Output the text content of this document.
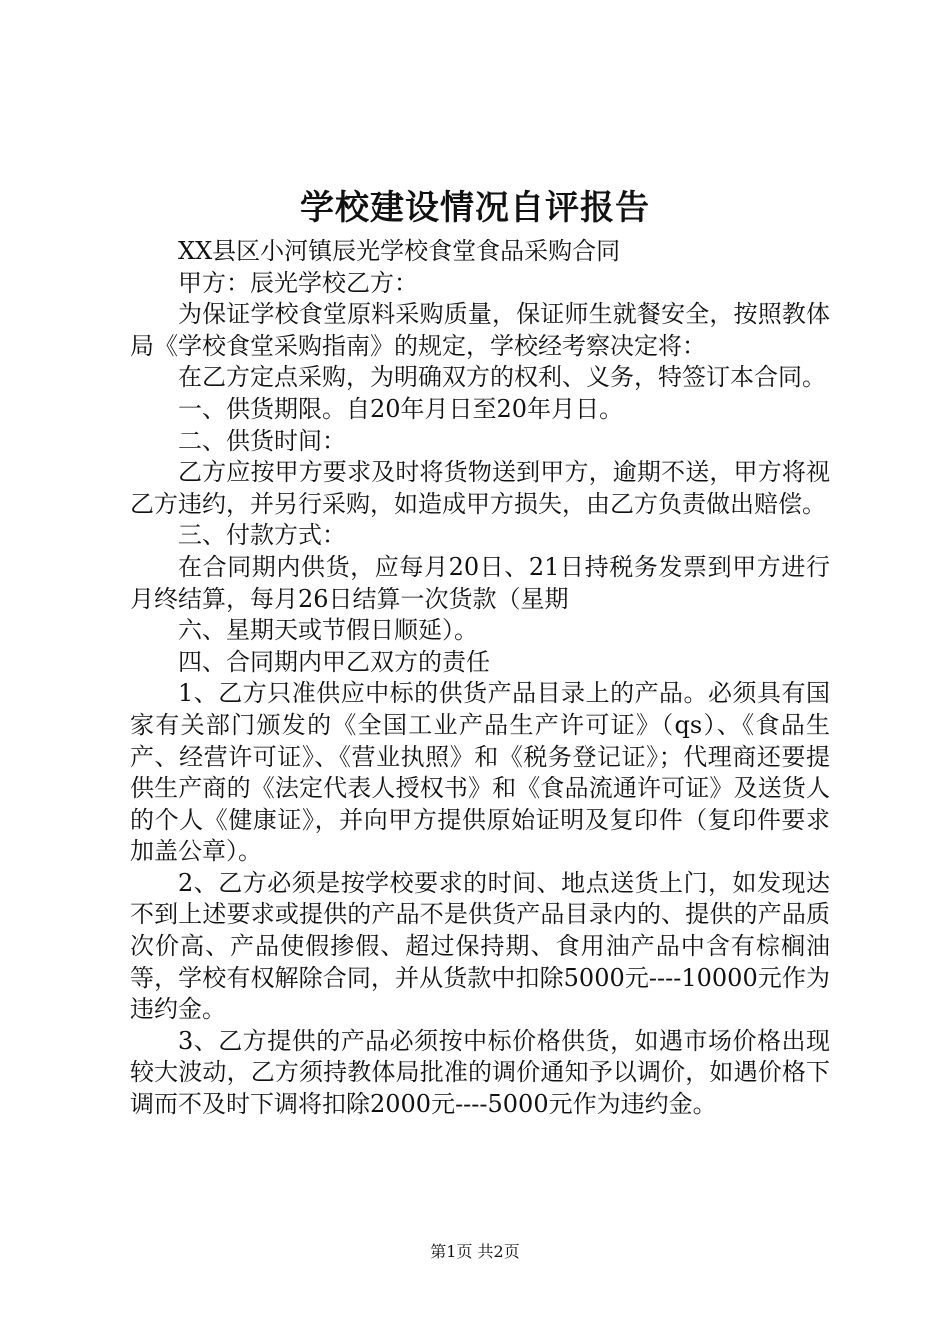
学校建设情况自评报告

XX县区小河镇辰光学校食堂食品采购合同

甲方：辰光学校乙方：

为保证学校食堂原料采购质量，保证师生就餐安全，按照教体局《学校食堂采购指南》的规定，学校经考察决定将：

在乙方定点采购，为明确双方的权利、义务，特签订本合同。

一、供货期限。自20年月日至20年月日。

二、供货时间：

乙方应按甲方要求及时将货物送到甲方，逾期不送，甲方将视乙方违约，并另行采购，如造成甲方损失，由乙方负责做出赔偿。

三、付款方式：

在合同期内供货，应每月20日、21日持税务发票到甲方进行月终结算，每月26日结算一次货款（星期

六、星期天或节假日顺延）。

四、合同期内甲乙双方的责任

1、乙方只准供应中标的供货产品目录上的产品。必须具有国家有关部门颁发的《全国工业产品生产许可证》（qs）、《食品生产、经营许可证》、《营业执照》和《税务登记证》；代理商还要提供生产商的《法定代表人授权书》和《食品流通许可证》及送货人的个人《健康证》，并向甲方提供原始证明及复印件（复印件要求加盖公章）。

2、乙方必须是按学校要求的时间、地点送货上门，如发现达不到上述要求或提供的产品不是供货产品目录内的、提供的产品质次价高、产品使假掺假、超过保持期、食用油产品中含有棕榈油等，学校有权解除合同，并从货款中扣除5000元----10000元作为违约金。

3、乙方提供的产品必须按中标价格供货，如遇市场价格出现较大波动，乙方须持教体局批准的调价通知予以调价，如遇价格下调而不及时下调将扣除2000元----5000元作为违约金。

第1页 共2页
